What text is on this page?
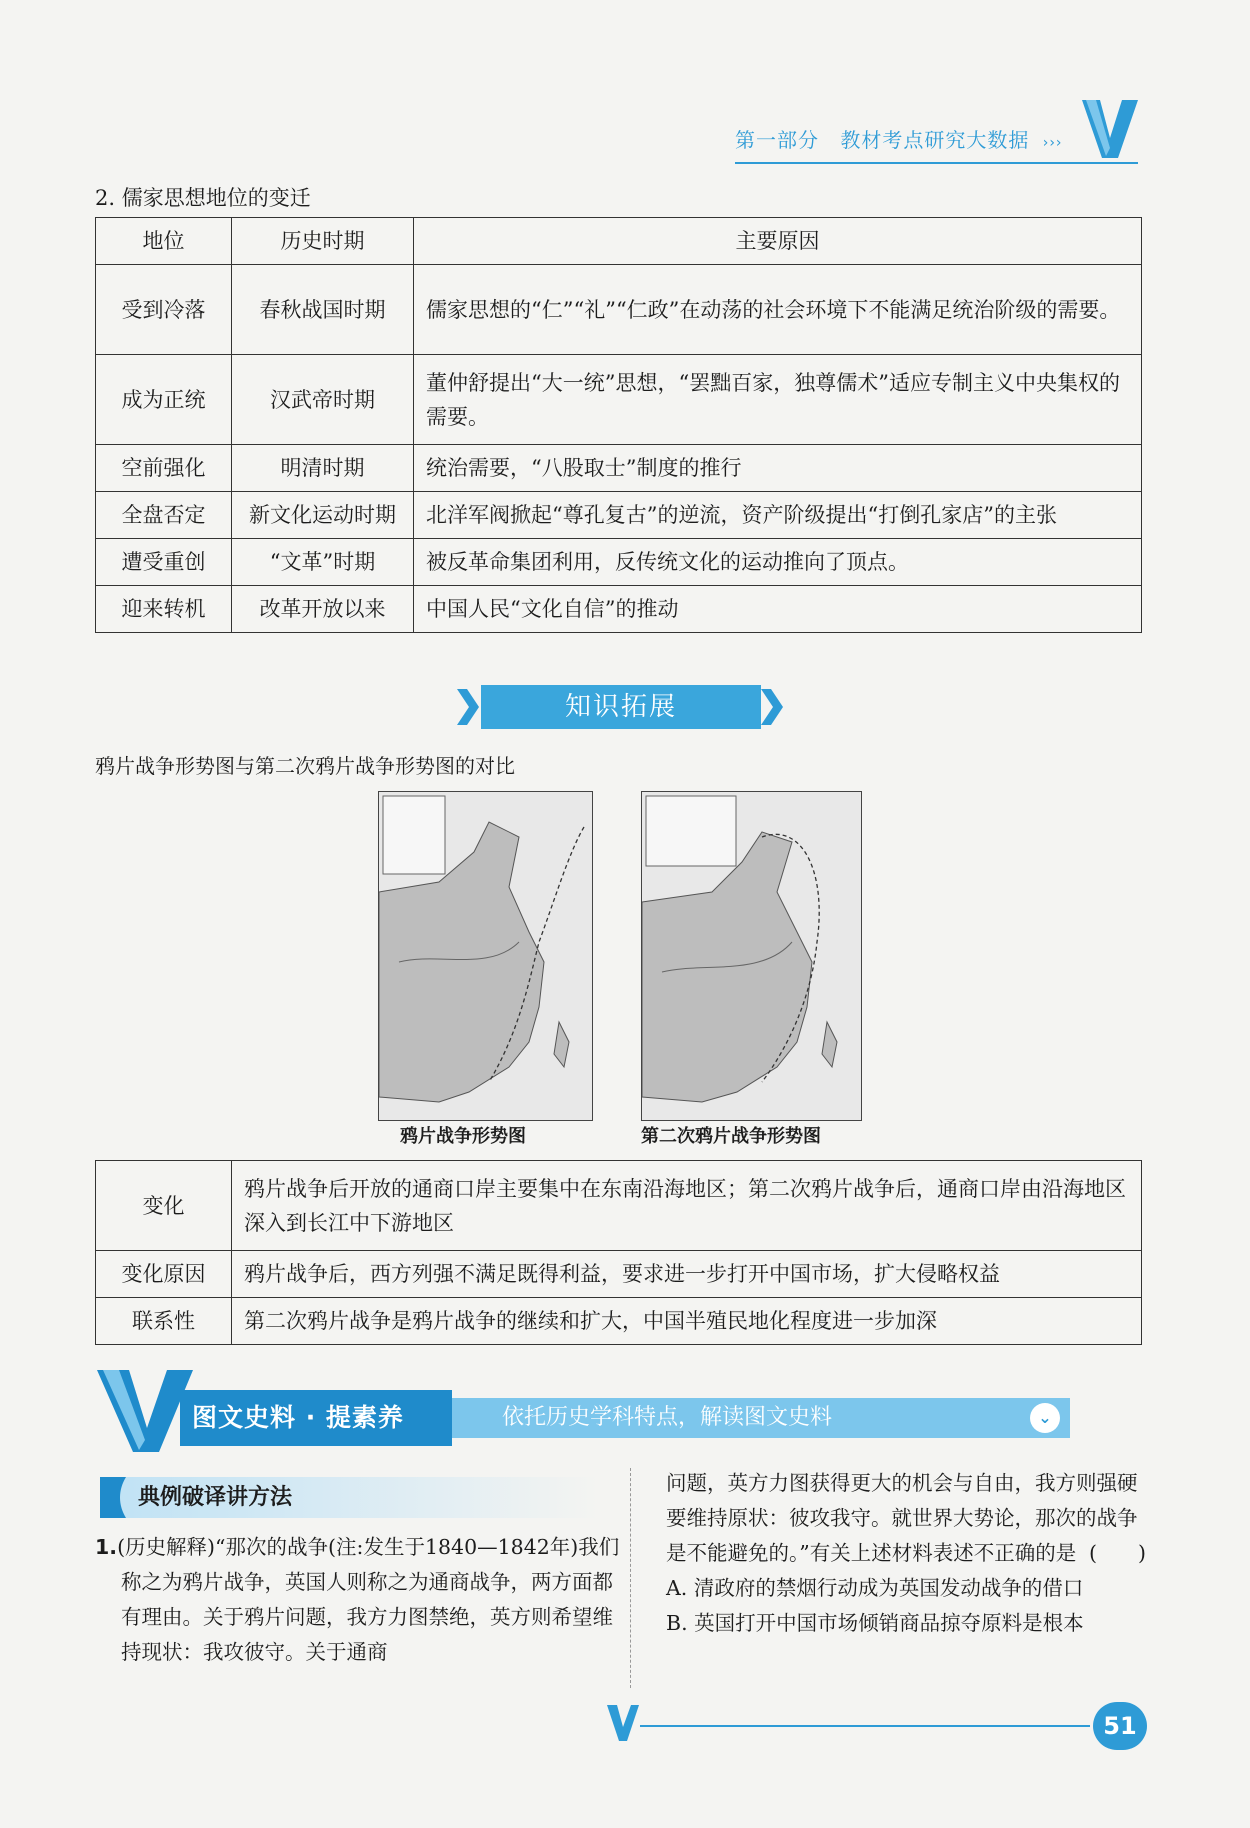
第一部分 教材考点研究大数据 ›››
2. 儒家思想地位的变迁
地位	历史时期	主要原因
受到冷落	春秋战国时期	儒家思想的“仁”“礼”“仁政”在动荡的社会环境下不能满足统治阶级的需要。
成为正统	汉武帝时期	董仲舒提出“大一统”思想，“罢黜百家，独尊儒术”适应专制主义中央集权的需要。
空前强化	明清时期	统治需要，“八股取士”制度的推行
全盘否定	新文化运动时期	北洋军阀掀起“尊孔复古”的逆流，资产阶级提出“打倒孔家店”的主张
遭受重创	“文革”时期	被反革命集团利用，反传统文化的运动推向了顶点。
迎来转机	改革开放以来	中国人民“文化自信”的推动
知识拓展
鸦片战争形势图与第二次鸦片战争形势图的对比
鸦片战争形势图	第二次鸦片战争形势图
变化	鸦片战争后开放的通商口岸主要集中在东南沿海地区；第二次鸦片战争后，通商口岸由沿海地区深入到长江中下游地区
变化原因	鸦片战争后，西方列强不满足既得利益，要求进一步打开中国市场，扩大侵略权益
联系性	第二次鸦片战争是鸦片战争的继续和扩大，中国半殖民地化程度进一步加深
图文史料 · 提素养	依托历史学科特点，解读图文史料	⌄
典例破译讲方法
1.(历史解释)“那次的战争(注:发生于1840—1842年)我们称之为鸦片战争，英国人则称之为通商战争，两方面都有理由。关于鸦片问题，我方力图禁绝，英方则希望维持现状：我攻彼守。关于通商
问题，英方力图获得更大的机会与自由，我方则强硬要维持原状：彼攻我守。就世界大势论，那次的战争是不能避免的。”有关上述材料表述不正确的是 (　　)
A. 清政府的禁烟行动成为英国发动战争的借口
B. 英国打开中国市场倾销商品掠夺原料是根本
51
